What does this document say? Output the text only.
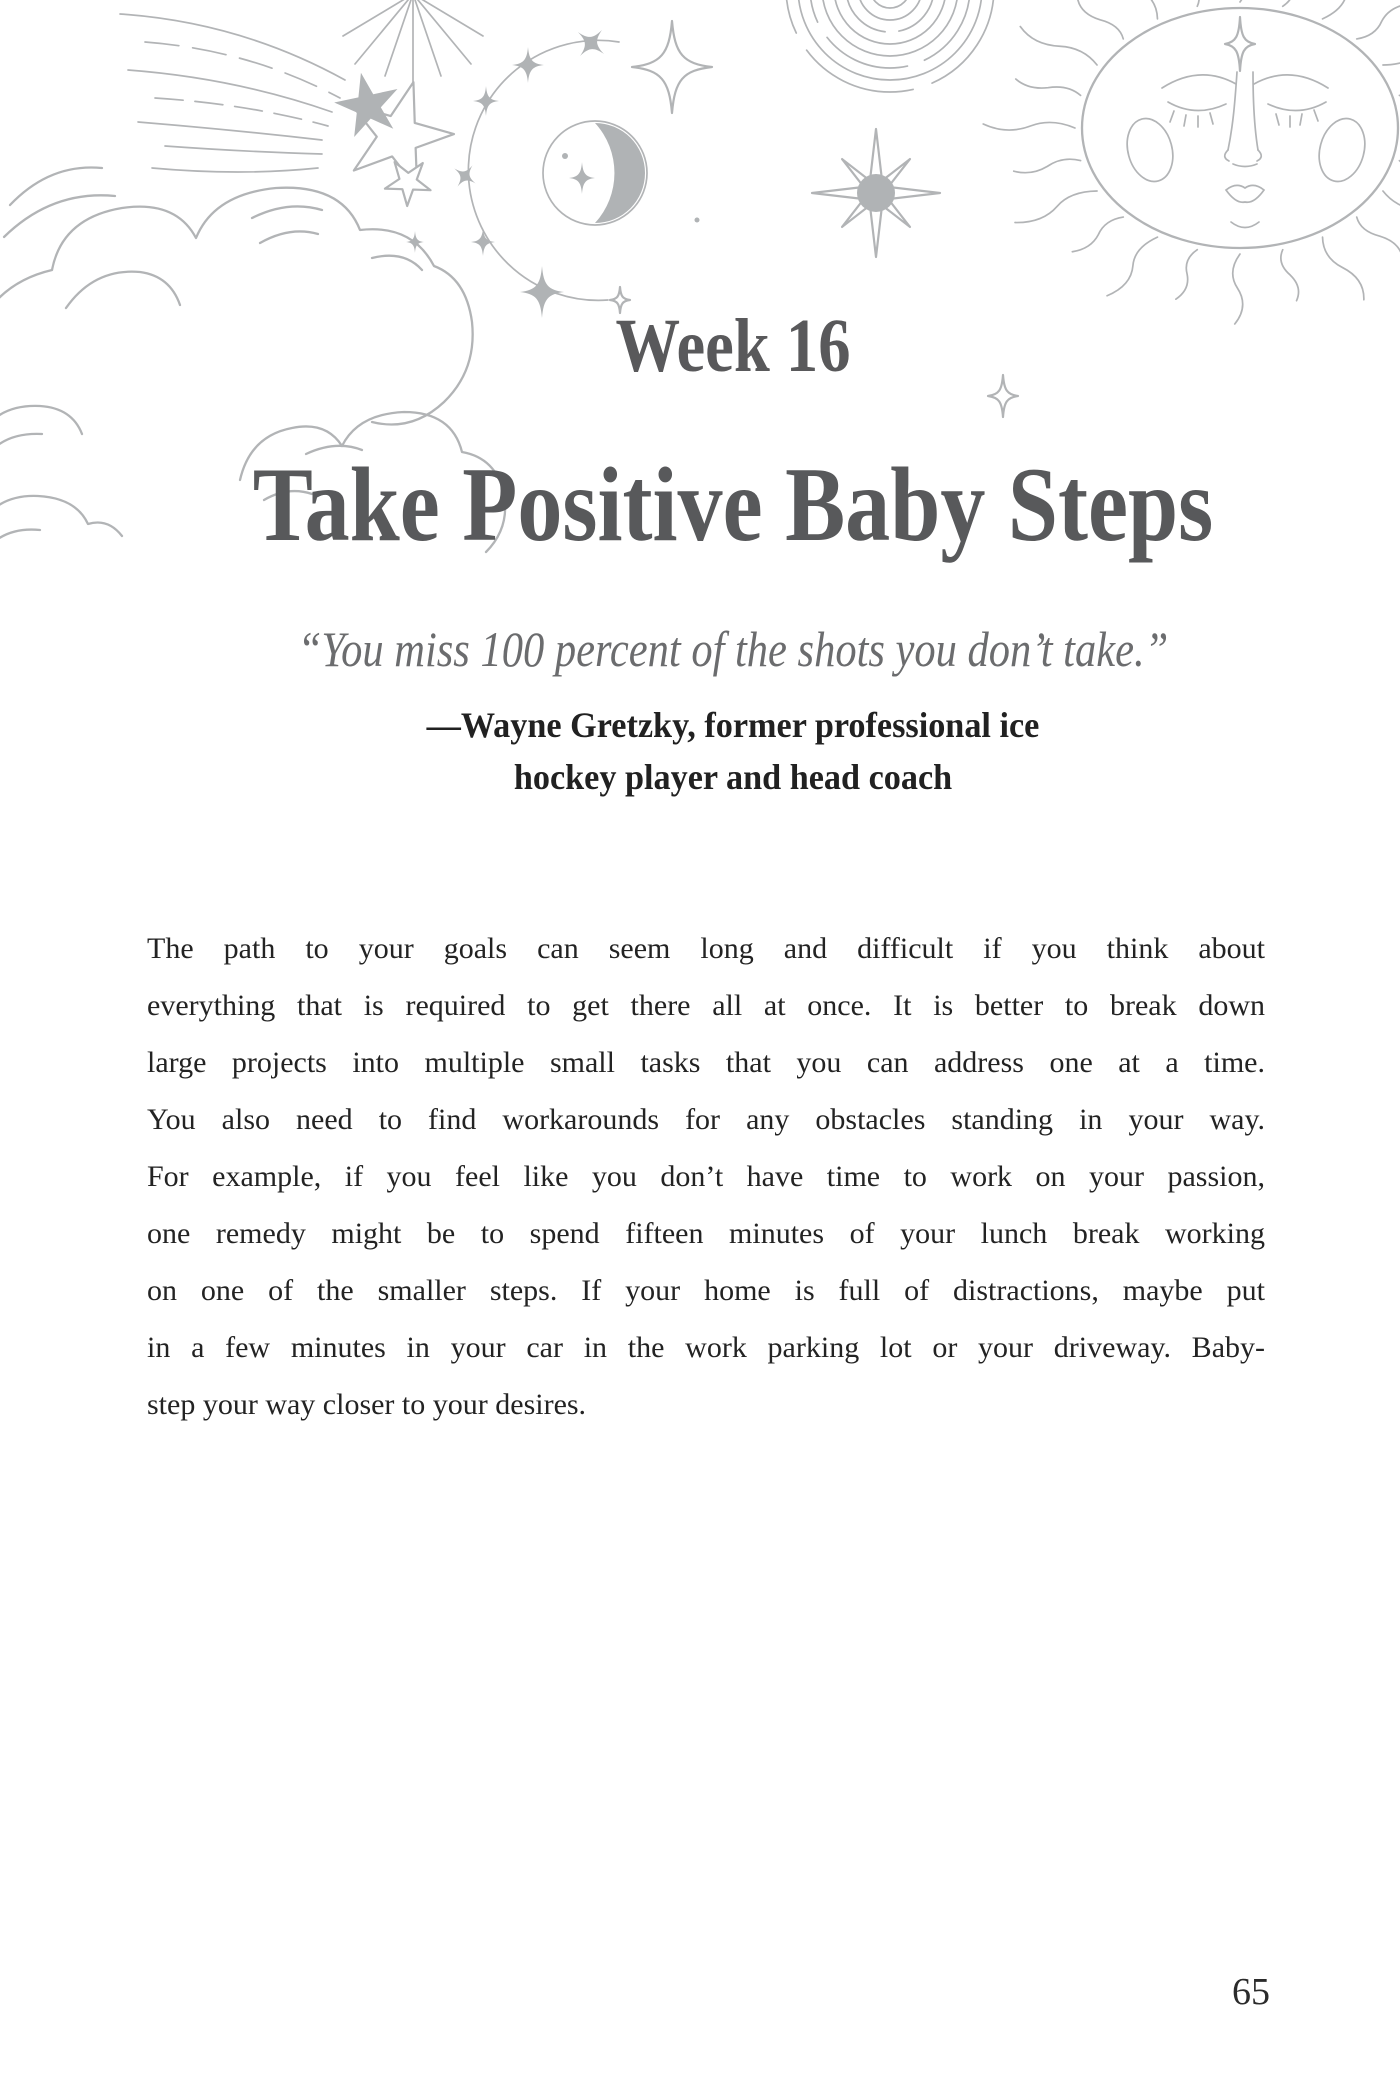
Week 16
Take Positive Baby Steps
“You miss 100 percent of the shots you don’t take.”
—Wayne Gretzky, former professional ice
hockey player and head coach
The path to your goals can seem long and difficult if you think about
everything that is required to get there all at once. It is better to break down
large projects into multiple small tasks that you can address one at a time.
You also need to find workarounds for any obstacles standing in your way.
For example, if you feel like you don’t have time to work on your passion,
one remedy might be to spend fifteen minutes of your lunch break working
on one of the smaller steps. If your home is full of distractions, maybe put
in a few minutes in your car in the work parking lot or your driveway. Baby-
step your way closer to your desires.
65
